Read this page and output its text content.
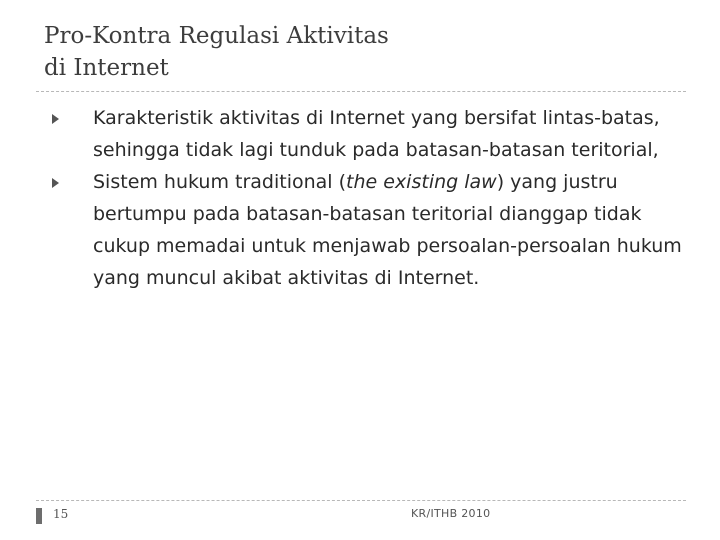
Pro-Kontra Regulasi Aktivitas
di Internet
Karakteristik aktivitas di Internet yang bersifat lintas-batas, sehingga tidak lagi tunduk pada batasan-batasan teritorial,
Sistem hukum traditional (the existing law) yang justru bertumpu pada batasan-batasan teritorial dianggap tidak cukup memadai untuk menjawab persoalan-persoalan hukum yang muncul akibat aktivitas di Internet.
15	KR/ITHB 2010
